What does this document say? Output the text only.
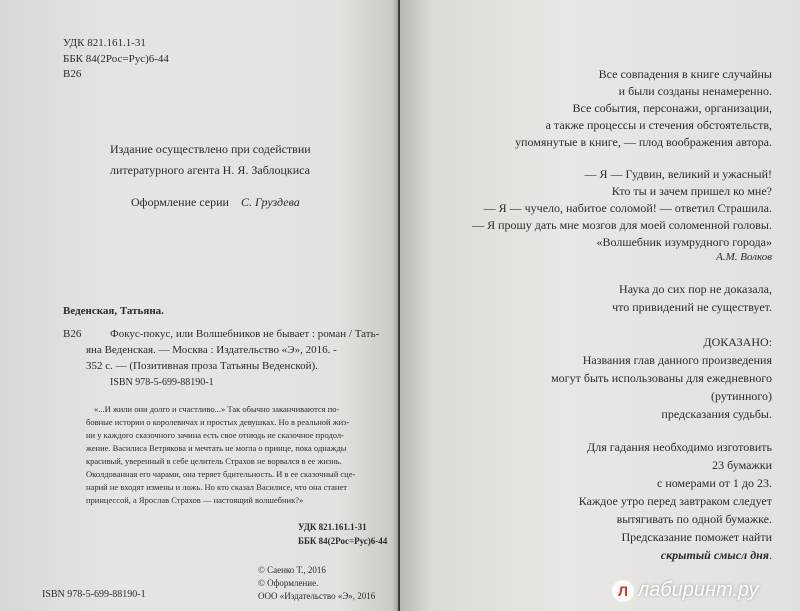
УДК 821.161.1-31
ББК 84(2Рос=Рус)6-44
В26
Издание осуществлено при содействии
литературного агента Н. Я. Заблоцкиса
Оформление серии С. Груздева
Веденская, Татьяна.
В26	Фокус-покус, или Волшебников не бывает : роман / Тать-
яна Веденская. — Москва : Издательство «Э», 2016. -
352 с. — (Позитивная проза Татьяны Веденской).
ISBN 978-5-699-88190-1
«...И жили они долго и счастливо...» Так обычно заканчиваются по-
бовные истории о королевичах и простых девушках. Но в реальной жиз-
ни у каждого сказочного зачина есть свое отнюдь не сказочное продол-
жение. Василиса Ветрякова и мечтать не могла о принце, пока однажды
красивый, уверенный в себе целитель Страхов не ворвался в ее жизнь.
Околдованная его чарами, она теряет бдительность. И в ее сказочный сце-
нарий не входят измены и ложь. Но кто сказал Василисе, что она станет
принцессой, а Ярослав Страхов — настоящий волшебник?»
УДК 821.161.1-31
ББК 84(2Рос=Рус)6-44
© Саенко Т., 2016
© Оформление.
ООО «Издательство «Э», 2016
ISBN 978-5-699-88190-1
Все совпадения в книге случайны
и были созданы ненамеренно.
Все события, персонажи, организации,
а также процессы и стечения обстоятельств,
упомянутые в книге, — плод воображения автора.
— Я — Гудвин, великий и ужасный!
Кто ты и зачем пришел ко мне?
— Я — чучело, набитое соломой! — ответил Страшила.
— Я прошу дать мне мозгов для моей соломенной головы.
«Волшебник изумрудного города»
А.М. Волков
Наука до сих пор не доказала,
что привидений не существует.
ДОКАЗАНО:
Названия глав данного произведения
могут быть использованы для ежедневного
(рутинного)
предсказания судьбы.
Для гадания необходимо изготовить
23 бумажки
с номерами от 1 до 23.
Каждое утро перед завтраком следует
вытягивать по одной бумажке.
Предсказание поможет найти
скрытый смысл дня.
Л лабиринт.ру
